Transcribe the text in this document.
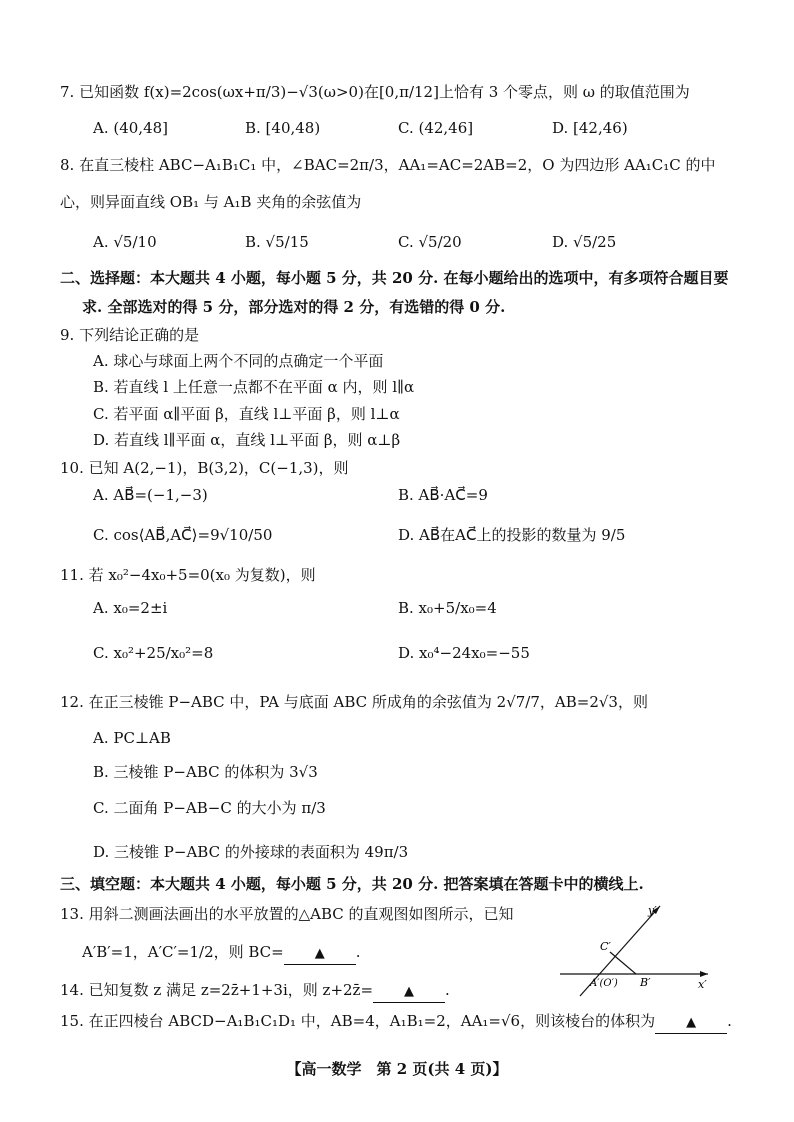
7. 已知函数 f(x)=2cos(ωx+π/3)−√3(ω>0)在[0,π/12]上恰有 3 个零点，则 ω 的取值范围为
A. (40,48]	B. [40,48)	C. (42,46]	D. [42,46)
8. 在直三棱柱 ABC−A₁B₁C₁ 中，∠BAC=2π/3，AA₁=AC=2AB=2，O 为四边形 AA₁C₁C 的中
心，则异面直线 OB₁ 与 A₁B 夹角的余弦值为
A. √5/10	B. √5/15	C. √5/20	D. √5/25
二、选择题：本大题共 4 小题，每小题 5 分，共 20 分. 在每小题给出的选项中，有多项符合题目要
求. 全部选对的得 5 分，部分选对的得 2 分，有选错的得 0 分.
9. 下列结论正确的是
A. 球心与球面上两个不同的点确定一个平面
B. 若直线 l 上任意一点都不在平面 α 内，则 l∥α
C. 若平面 α∥平面 β，直线 l⊥平面 β，则 l⊥α
D. 若直线 l∥平面 α，直线 l⊥平面 β，则 α⊥β
10. 已知 A(2,−1)，B(3,2)，C(−1,3)，则
A. AB⃗=(−1,−3)	B. AB⃗·AC⃗=9
C. cos⟨AB⃗,AC⃗⟩=9√10/50	D. AB⃗在AC⃗上的投影的数量为 9/5
11. 若 x₀²−4x₀+5=0(x₀ 为复数)，则
A. x₀=2±i	B. x₀+5/x₀=4
C. x₀²+25/x₀²=8	D. x₀⁴−24x₀=−55
12. 在正三棱锥 P−ABC 中，PA 与底面 ABC 所成角的余弦值为 2√7/7，AB=2√3，则
A. PC⊥AB
B. 三棱锥 P−ABC 的体积为 3√3
C. 二面角 P−AB−C 的大小为 π/3
D. 三棱锥 P−ABC 的外接球的表面积为 49π/3
三、填空题：本大题共 4 小题，每小题 5 分，共 20 分. 把答案填在答题卡中的横线上.
13. 用斜二测画法画出的水平放置的△ABC 的直观图如图所示，已知
A′B′=1，A′C′=1/2，则 BC= ▲ .
14. 已知复数 z 满足 z=2z̄+1+3i，则 z+2z̄= ▲ .
15. 在正四棱台 ABCD−A₁B₁C₁D₁ 中，AB=4，A₁B₁=2，AA₁=√6，则该棱台的体积为 ▲ .
y′
C′
A′(O′) B′	x′
【高一数学　第 2 页(共 4 页)】
